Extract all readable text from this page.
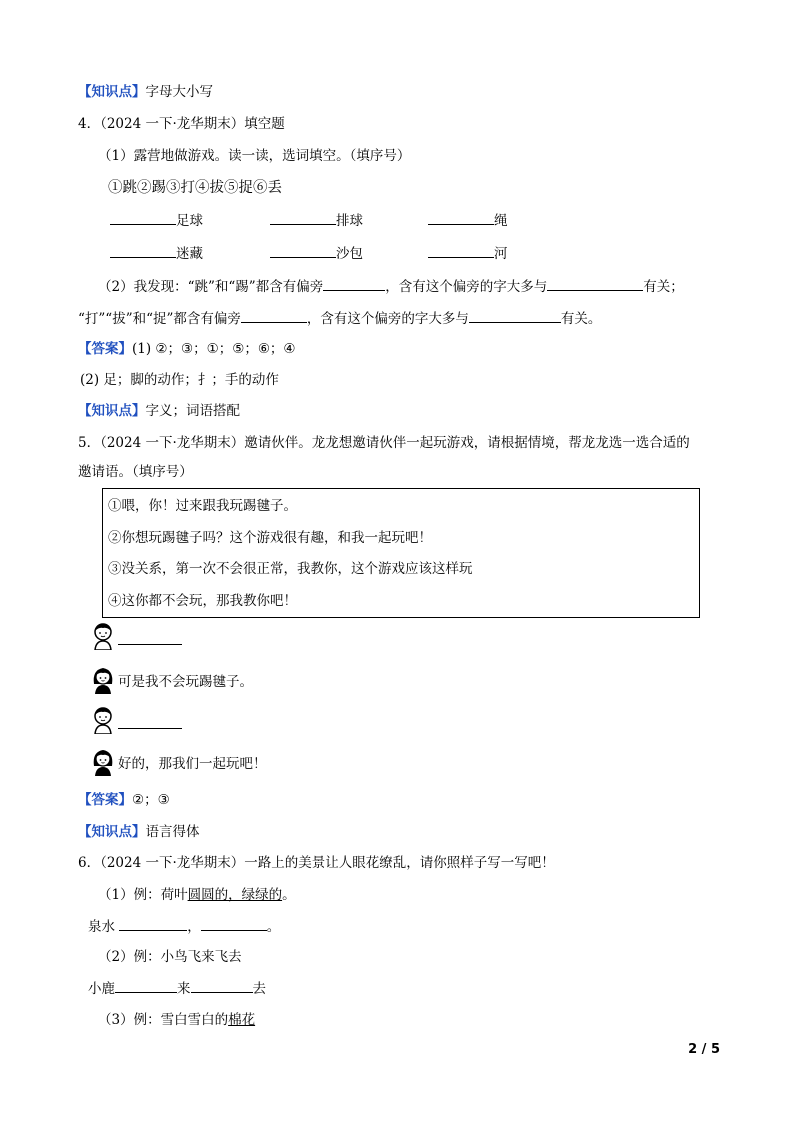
【知识点】字母大小写
4．（2024 一下·龙华期末）填空题
（1）露营地做游戏。读一读，选词填空。（填序号）
①跳②踢③打④拔⑤捉⑥丢
足球	排球	绳
迷藏	沙包	河
（2）我发现：“跳”和“踢”都含有偏旁	，含有这个偏旁的字大多与	有关；
“打”“拔”和“捉”都含有偏旁	，含有这个偏旁的字大多与	有关。
【答案】(1) ②；③；①；⑤；⑥；④
(2) 足；脚的动作；扌；手的动作
【知识点】字义；词语搭配
5．（2024 一下·龙华期末）邀请伙伴。龙龙想邀请伙伴一起玩游戏，请根据情境，帮龙龙选一选合适的
邀请语。（填序号）
①喂，你！过来跟我玩踢毽子。
②你想玩踢毽子吗？这个游戏很有趣，和我一起玩吧！
③没关系，第一次不会很正常，我教你，这个游戏应该这样玩
④这你都不会玩，那我教你吧！
可是我不会玩踢毽子。
好的，那我们一起玩吧！
【答案】②；③
【知识点】语言得体
6．（2024 一下·龙华期末）一路上的美景让人眼花缭乱，请你照样子写一写吧！
（1）例：荷叶圆圆的，绿绿的。
泉水	，	。
（2）例：小鸟飞来飞去
小鹿	来	去
（3）例：雪白雪白的棉花
2 / 5
